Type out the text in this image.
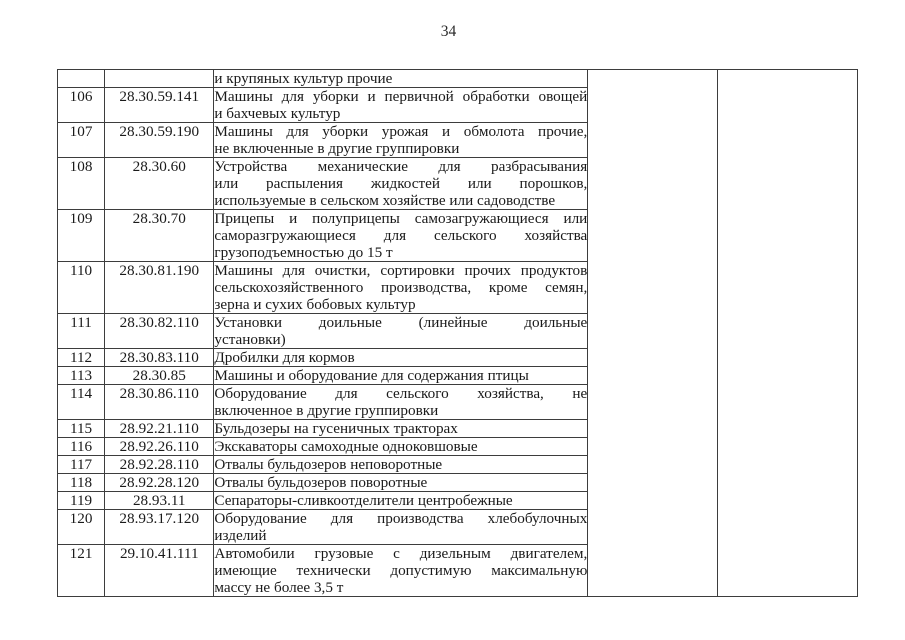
34

		и крупяных культур прочие		

106	28.30.59.141	Машины для уборки и первичной обработки овощей
и бахчевых культур		

107	28.30.59.190	Машины для уборки урожая и обмолота прочие,
не включенные в другие группировки		

108	28.30.60	Устройства механические для разбрасывания
или распыления жидкостей или порошков,
используемые в сельском хозяйстве или садоводстве		

109	28.30.70	Прицепы и полуприцепы самозагружающиеся или
саморазгружающиеся для сельского хозяйства
грузоподъемностью до 15 т		

110	28.30.81.190	Машины для очистки, сортировки прочих продуктов
сельскохозяйственного производства, кроме семян,
зерна и сухих бобовых культур		

111	28.30.82.110	Установки доильные (линейные доильные
установки)		

112	28.30.83.110	Дробилки для кормов		

113	28.30.85	Машины и оборудование для содержания птицы		

114	28.30.86.110	Оборудование для сельского хозяйства, не
включенное в другие группировки		

115	28.92.21.110	Бульдозеры на гусеничных тракторах		

116	28.92.26.110	Экскаваторы самоходные одноковшовые		

117	28.92.28.110	Отвалы бульдозеров неповоротные		

118	28.92.28.120	Отвалы бульдозеров поворотные		

119	28.93.11	Сепараторы-сливкоотделители центробежные		

120	28.93.17.120	Оборудование для производства хлебобулочных
изделий		

121	29.10.41.111	Автомобили грузовые с дизельным двигателем,
имеющие технически допустимую максимальную
массу не более 3,5 т		
